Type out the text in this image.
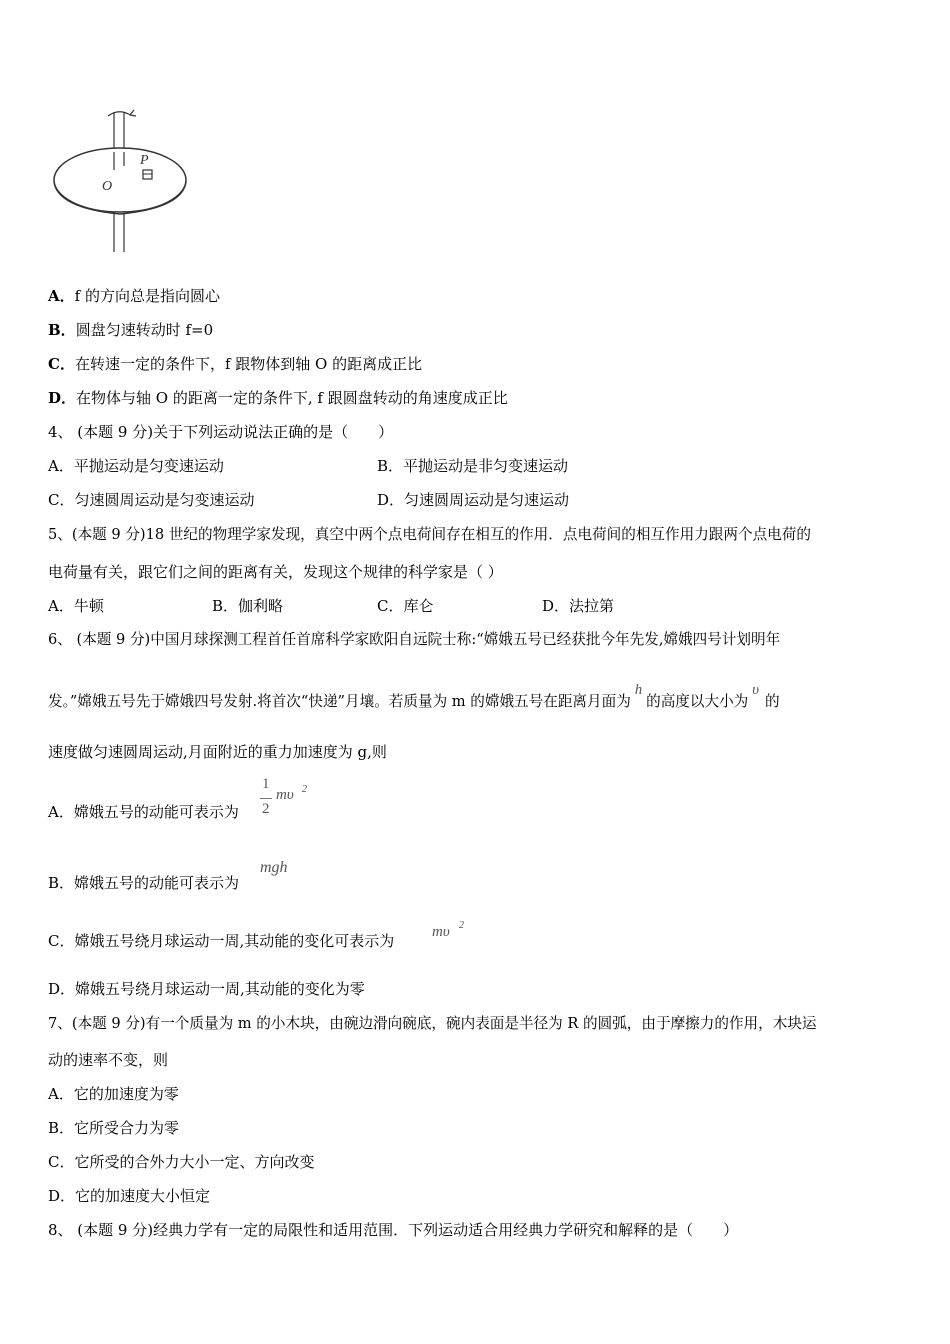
P
O
A．f 的方向总是指向圆心
B．圆盘匀速转动时 f=0
C．在转速一定的条件下，f 跟物体到轴 O 的距离成正比
D．在物体与轴 O 的距离一定的条件下, f 跟圆盘转动的角速度成正比
4、 (本题 9 分)关于下列运动说法正确的是（　　）
A．平抛运动是匀变速运动	B．平抛运动是非匀变速运动
C．匀速圆周运动是匀变速运动	D．匀速圆周运动是匀速运动
5、(本题 9 分)18 世纪的物理学家发现，真空中两个点电荷间存在相互的作用．点电荷间的相互作用力跟两个点电荷的
电荷量有关，跟它们之间的距离有关，发现这个规律的科学家是（ ）
A．牛顿	B．伽利略	C．库仑	D．法拉第
6、 (本题 9 分)中国月球探测工程首任首席科学家欧阳自远院士称:“嫦娥五号已经获批今年先发,嫦娥四号计划明年
发。”嫦娥五号先于嫦娥四号发射.将首次“快递”月壤。若质量为 m 的嫦娥五号在距离月面为h的高度以大小为υ的
速度做匀速圆周运动,月面附近的重力加速度为 g,则
A．嫦娥五号的动能可表示为
1
2
mυ 2
B．嫦娥五号的动能可表示为
mgh
C．嫦娥五号绕月球运动一周,其动能的变化可表示为	mυ 2
D．嫦娥五号绕月球运动一周,其动能的变化为零
7、(本题 9 分)有一个质量为 m 的小木块，由碗边滑向碗底，碗内表面是半径为 R 的圆弧，由于摩擦力的作用，木块运
动的速率不变，则
A．它的加速度为零
B．它所受合力为零
C．它所受的合外力大小一定、方向改变
D．它的加速度大小恒定
8、 (本题 9 分)经典力学有一定的局限性和适用范围．下列运动适合用经典力学研究和解释的是（　　）
